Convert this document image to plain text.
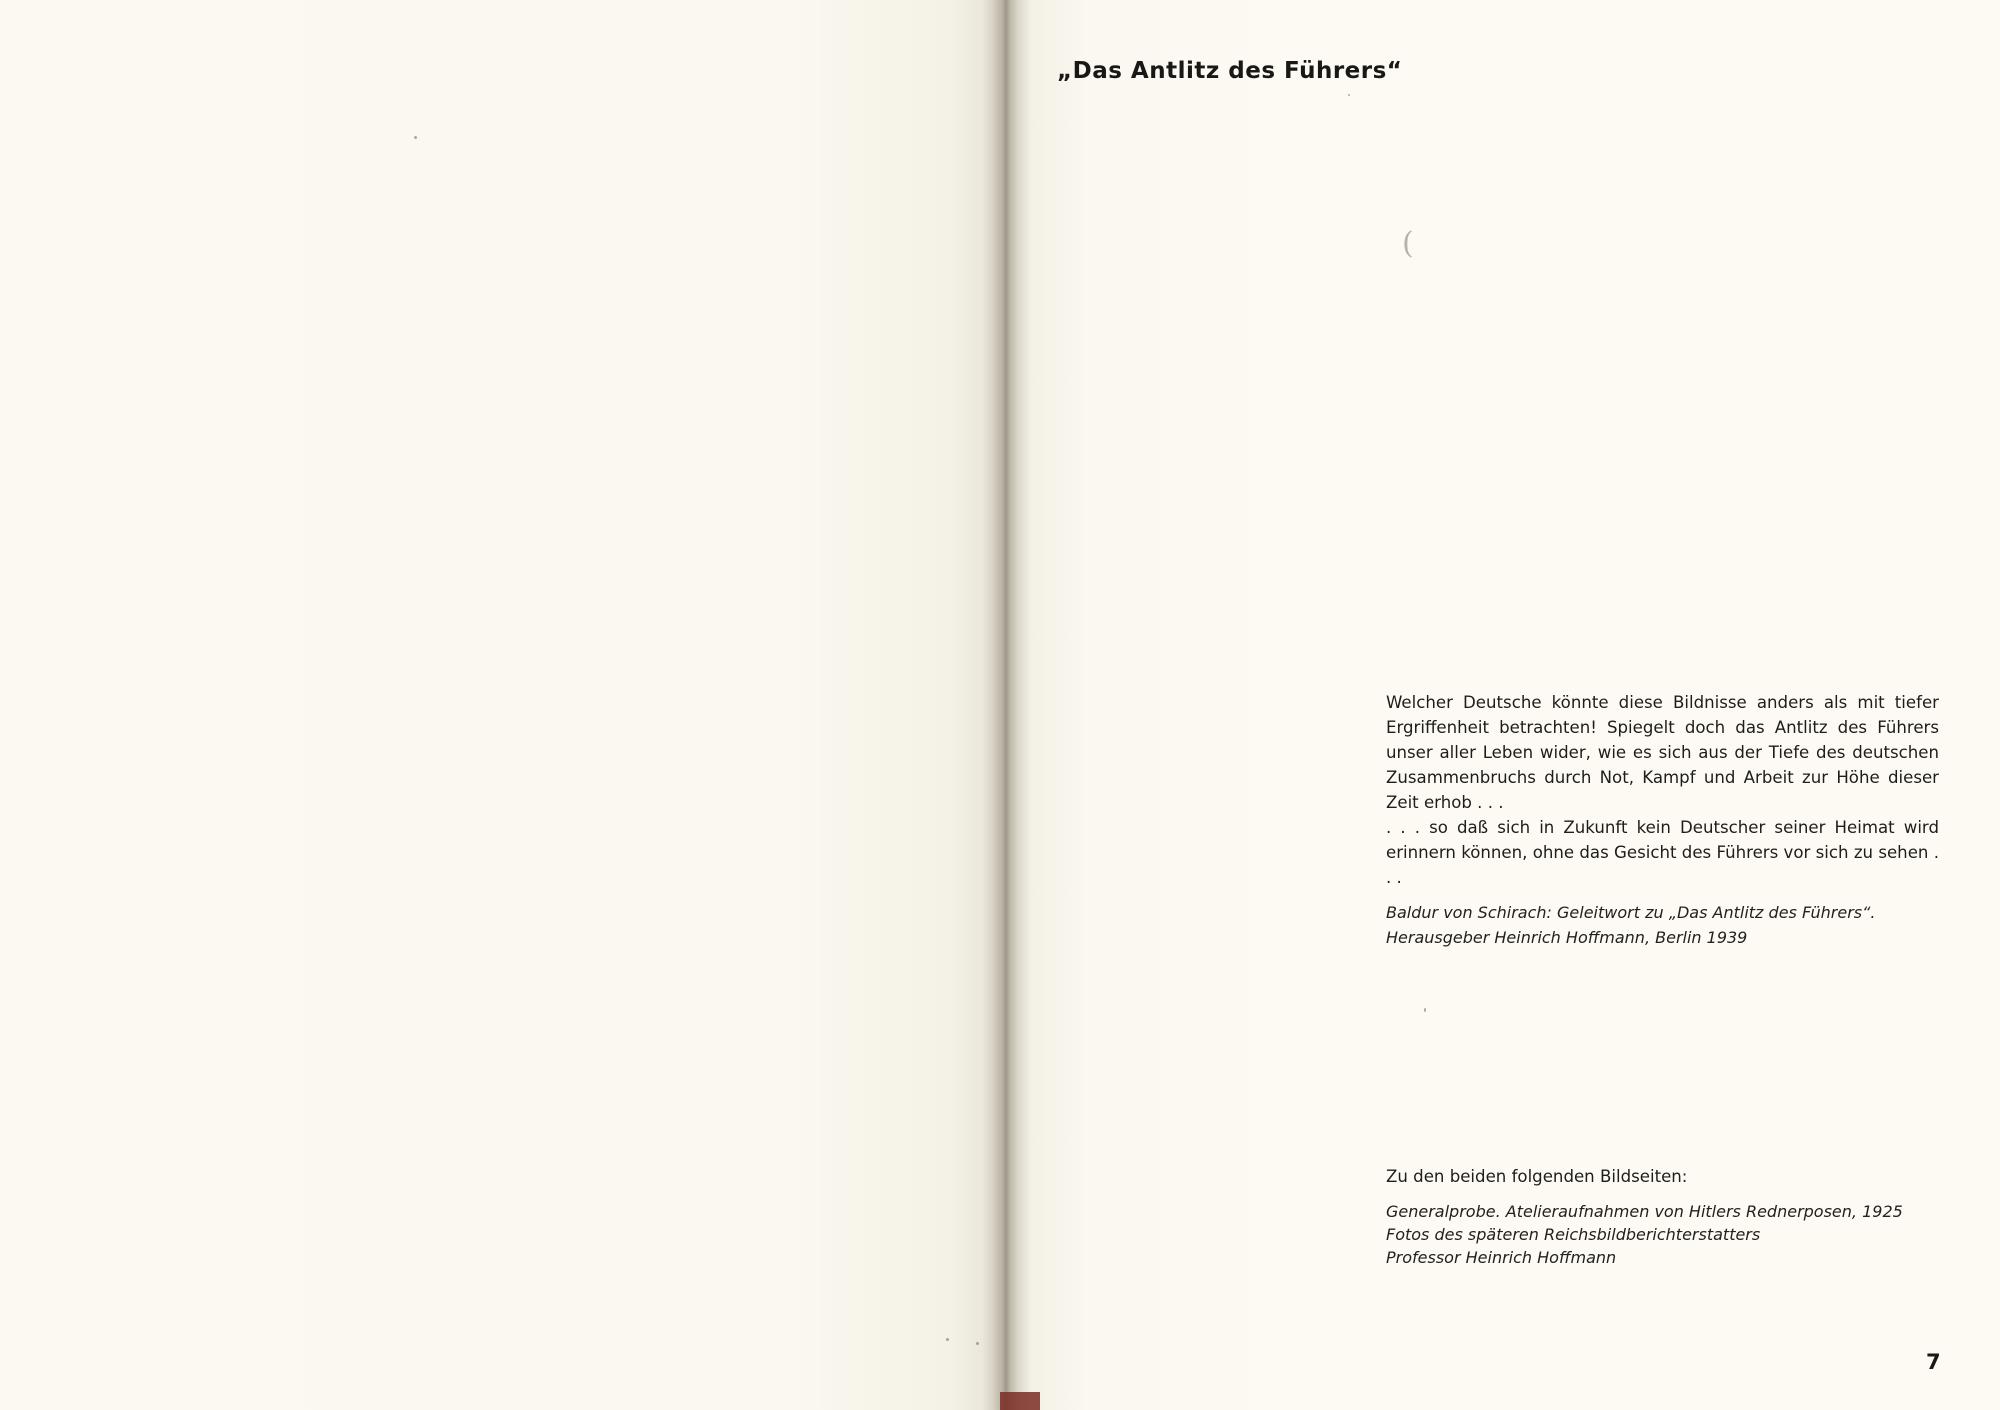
(
„Das Antlitz des Führers“

Welcher Deutsche könnte diese Bildnisse anders als mit tiefer Ergriffenheit betrachten! Spiegelt doch das Antlitz des Führers unser aller Leben wider, wie es sich aus der Tiefe des deutschen Zusammenbruchs durch Not, Kampf und Arbeit zur Höhe dieser Zeit erhob . . .

. . . so daß sich in Zukunft kein Deutscher seiner Heimat wird erinnern können, ohne das Gesicht des Führers vor sich zu sehen . . .

Baldur von Schirach: Geleitwort zu „Das Antlitz des Führers“.
Herausgeber Heinrich Hoffmann, Berlin 1939
Zu den beiden folgenden Bildseiten:
Generalprobe. Atelieraufnahmen von Hitlers Rednerposen, 1925
Fotos des späteren Reichsbildberichterstatters
Professor Heinrich Hoffmann
7
